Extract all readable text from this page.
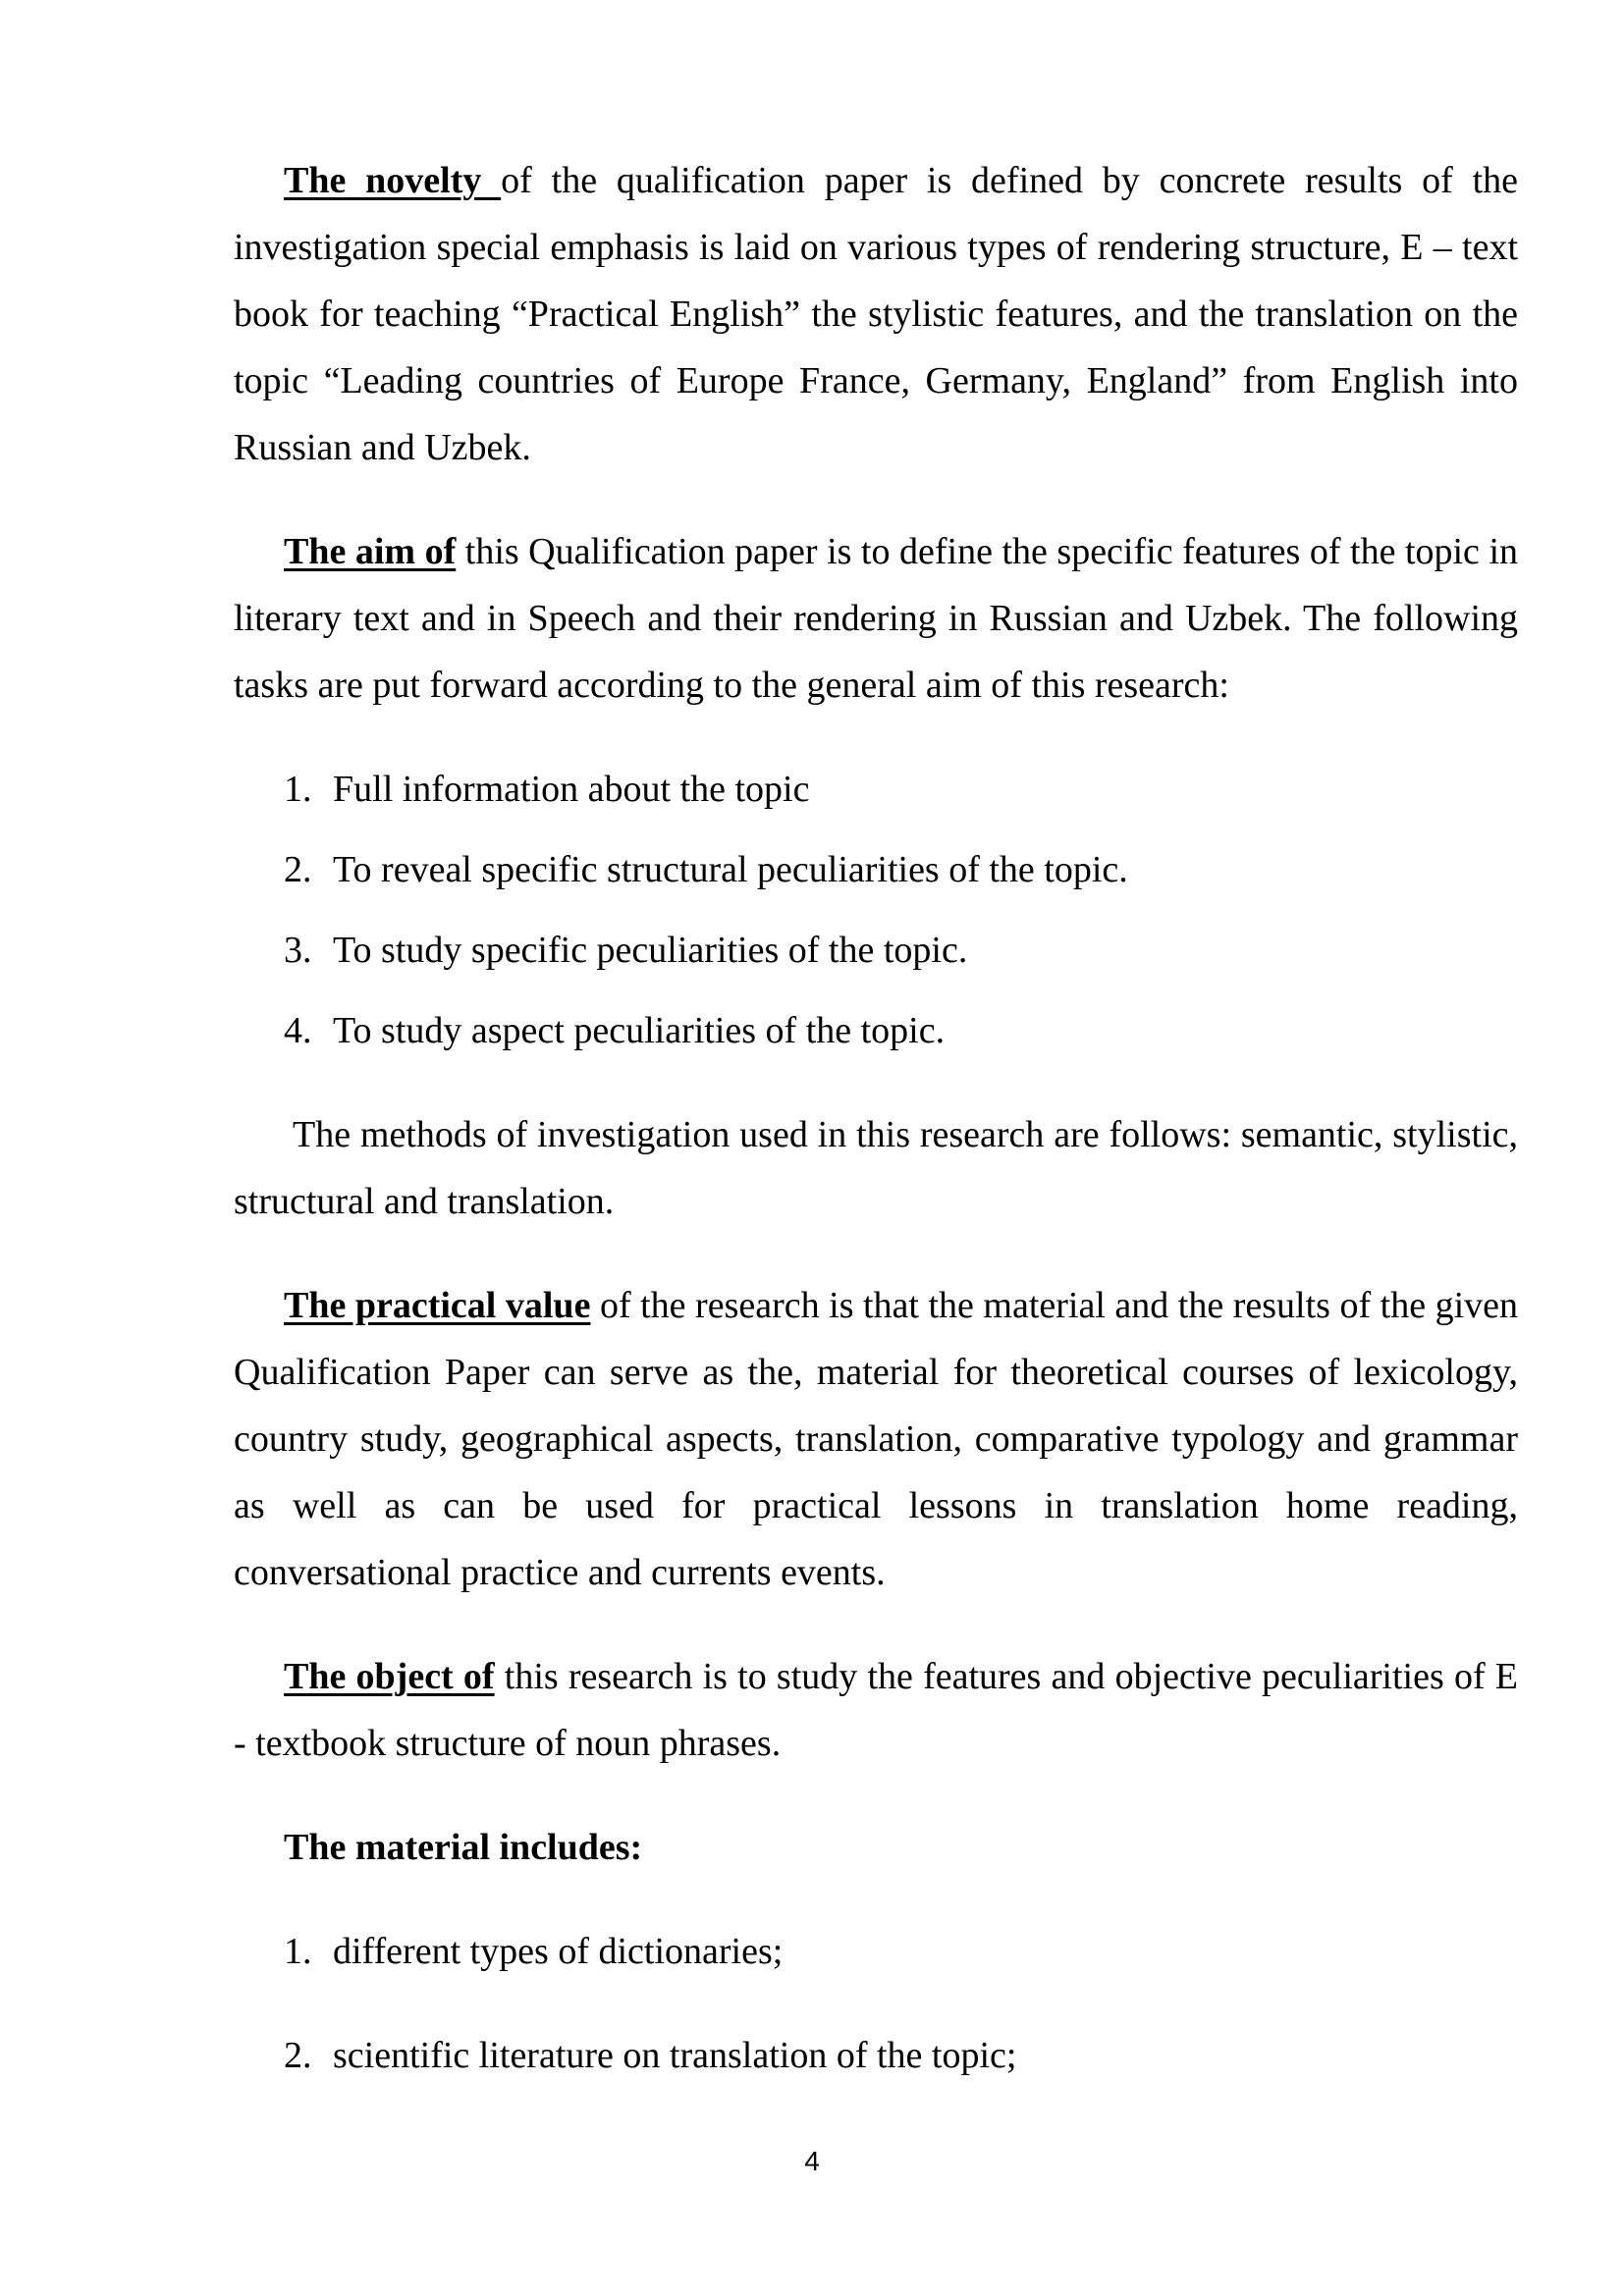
The novelty of the qualification paper is defined by concrete results of the investigation special emphasis is laid on various types of rendering structure, E – text book for teaching “Practical English” the stylistic features, and the translation on the topic “Leading countries of Europe France, Germany, England” from English into Russian and Uzbek.

The aim of this Qualification paper is to define the specific features of the topic in literary text and in Speech and their rendering in Russian and Uzbek. The following tasks are put forward according to the general aim of this research:

1. Full information about the topic
2. To reveal specific structural peculiarities of the topic.
3. To study specific peculiarities of the topic.
4. To study aspect peculiarities of the topic.

The methods of investigation used in this research are follows: semantic, stylistic, structural and translation.

The practical value of the research is that the material and the results of the given Qualification Paper can serve as the, material for theoretical courses of lexicology, country study, geographical aspects, translation, comparative typology and grammar as well as can be used for practical lessons in translation home reading, conversational practice and currents events.

The object of this research is to study the features and objective peculiarities of E - textbook structure of noun phrases.

The material includes:
1. different types of dictionaries;
2. scientific literature on translation of the topic;
4
